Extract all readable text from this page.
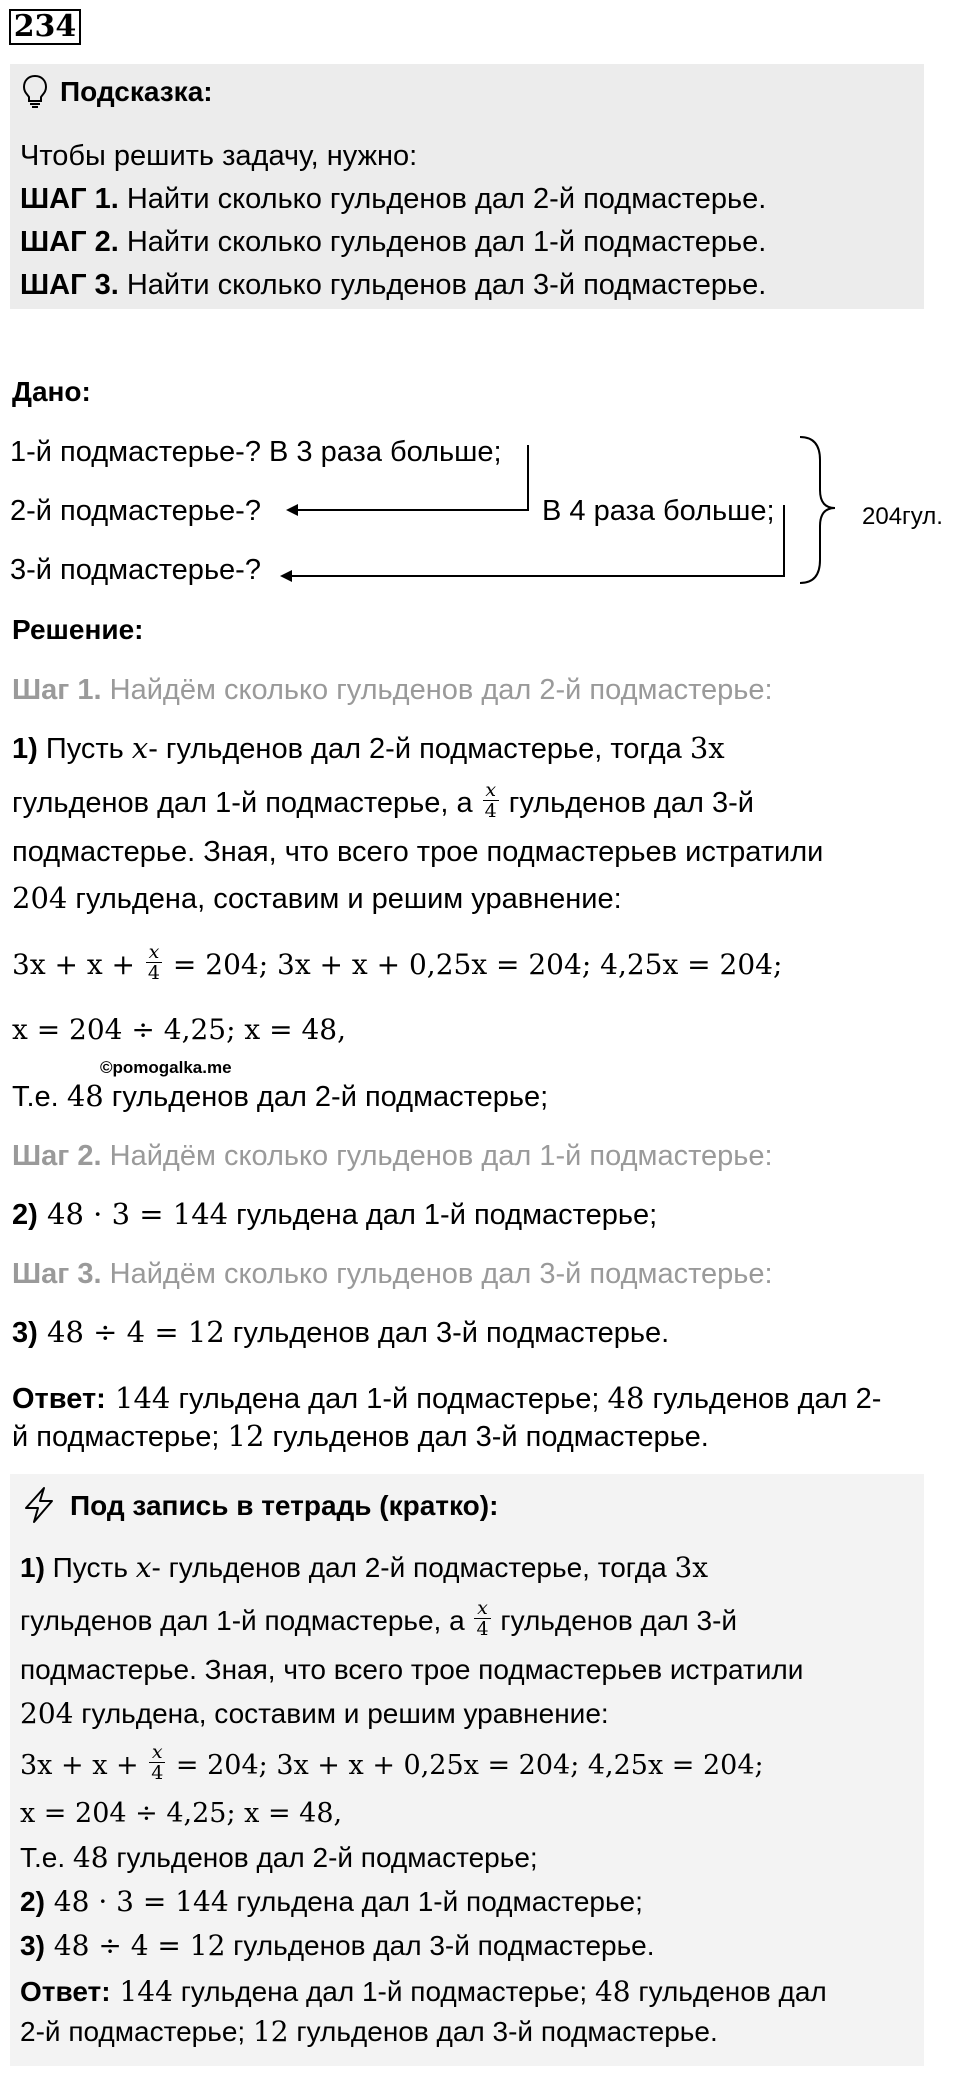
234
Подсказка:
Чтобы решить задачу, нужно:
ШАГ 1. Найти сколько гульденов дал 2-й подмастерье.
ШАГ 2. Найти сколько гульденов дал 1-й подмастерье.
ШАГ 3. Найти сколько гульденов дал 3-й подмастерье.
Дано:
1-й подмастерье-? В 3 раза больше;
2-й подмастерье-?	В 4 раза больше;
3-й подмастерье-?
204гул.
Решение:
Шаг 1. Найдём сколько гульденов дал 2-й подмастерье:
1) Пусть x- гульденов дал 2-й подмастерье, тогда 3x
гульденов дал 1-й подмастерье, а $\frac{x}{4}$ гульденов дал 3-й
подмастерье. Зная, что всего трое подмастерьев истратили
204 гульдена, составим и решим уравнение:
$3x + x + \frac{x}{4} = 204$; 3x + x + 0,25x = 204; 4,25x = 204;
x = 204 ÷ 4,25; x = 48,
©pomogalka.me
Т.е. 48 гульденов дал 2-й подмастерье;
Шаг 2. Найдём сколько гульденов дал 1-й подмастерье:
2) 48 · 3 = 144 гульдена дал 1-й подмастерье;
Шаг 3. Найдём сколько гульденов дал 3-й подмастерье:
3) 48 ÷ 4 = 12 гульденов дал 3-й подмастерье.
Ответ: 144 гульдена дал 1-й подмастерье; 48 гульденов дал 2-
й подмастерье; 12 гульденов дал 3-й подмастерье.
Под запись в тетрадь (кратко):
1) Пусть x- гульденов дал 2-й подмастерье, тогда 3x
гульденов дал 1-й подмастерье, а $\frac{x}{4}$ гульденов дал 3-й
подмастерье. Зная, что всего трое подмастерьев истратили
204 гульдена, составим и решим уравнение:
$3x + x + \frac{x}{4} = 204$; 3x + x + 0,25x = 204; 4,25x = 204;
x = 204 ÷ 4,25; x = 48,
Т.е. 48 гульденов дал 2-й подмастерье;
2) 48 · 3 = 144 гульдена дал 1-й подмастерье;
3) 48 ÷ 4 = 12 гульденов дал 3-й подмастерье.
Ответ: 144 гульдена дал 1-й подмастерье; 48 гульденов дал
2-й подмастерье; 12 гульденов дал 3-й подмастерье.
